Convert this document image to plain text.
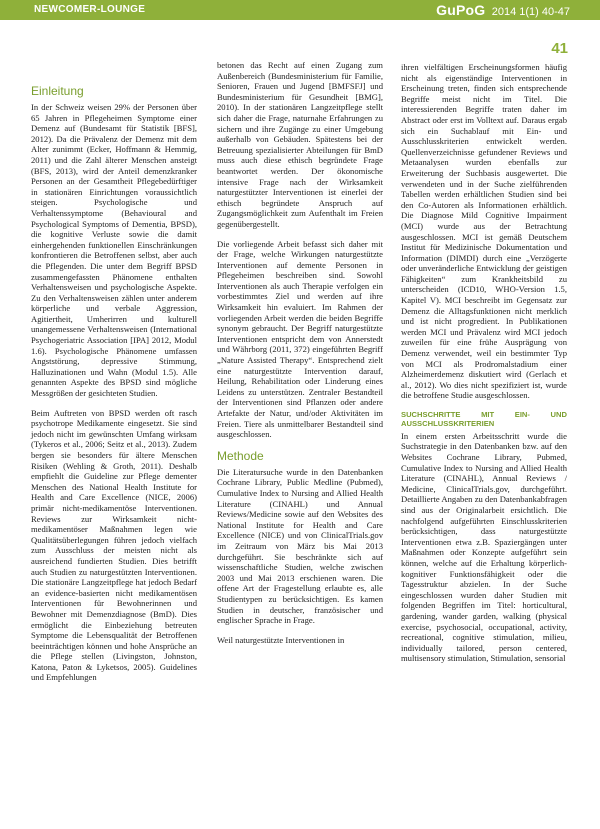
NEWCOMER-LOUNGE	GuPoG 2014 1(1) 40-47
41
Einleitung

In der Schweiz weisen 29% der Personen über 65 Jahren in Pflegeheimen Symptome einer Demenz auf (Bundesamt für Statistik [BFS], 2012). Da die Prävalenz der Demenz mit dem Alter zunimmt (Ecker, Hoffmann & Hemmig, 2011) und die Zahl älterer Menschen ansteigt (BFS, 2013), wird der Anteil demenzkranker Personen an der Gesamtheit Pflegebedürftiger in stationären Einrichtungen voraussichtlich steigen. Psychologische und Verhaltenssymptome (Behavioural and Psychological Symptoms of Dementia, BPSD), die kognitive Verluste sowie die damit einhergehenden funktionellen Einschränkungen konfrontieren die Betroffenen selbst, aber auch die Pflegenden. Die unter dem Begriff BPSD zusammengefassten Phänomene enthalten Verhaltensweisen und psychologische Aspekte. Zu den Verhaltensweisen zählen unter anderem körperliche und verbale Aggression, Agitiertheit, Umherirren und kulturell unangemessene Verhaltensweisen (International Psychogeriatric Association [IPA] 2012, Modul 1.6). Psychologische Phänomene umfassen Angststörung, depressive Stimmung, Halluzinationen und Wahn (Modul 1.5). Alle genannten Aspekte des BPSD sind mögliche Messgrößen der gesichteten Studien.

Beim Auftreten von BPSD werden oft rasch psychotrope Medikamente eingesetzt. Sie sind jedoch nicht im gewünschten Umfang wirksam (Tykeros et al., 2006; Seitz et al., 2013). Zudem bergen sie besonders für ältere Menschen Risiken (Wehling & Groth, 2011). Deshalb empfiehlt die Guideline zur Pflege dementer Menschen des National Health Institute for Health and Care Excellence (NICE, 2006) primär nicht-medikamentöse Interventionen. Reviews zur Wirksamkeit nicht-medikamentöser Maßnahmen legen wie Qualitätsüberlegungen führen jedoch vielfach zum Ausschluss der meisten nicht als ausreichend fundierten Studien. Dies betrifft auch Studien zu naturgestützten Interventionen. Die stationäre Langzeitpflege hat jedoch Bedarf an evidence-basierten nicht medikamentösen Interventionen für Bewohnerinnen und Bewohner mit Demenzdiagnose (BmD). Dies ermöglicht die Einbeziehung betreuten Symptome die Lebensqualität der Betroffenen beeinträchtigen können und hohe Ansprüche an die Pflege stellen (Livingston, Johnston, Katona, Paton & Lyketsos, 2005). Guidelines und Empfehlungen

betonen das Recht auf einen Zugang zum Außenbereich (Bundesministerium für Familie, Senioren, Frauen und Jugend [BMFSFJ] und Bundesministerium für Gesundheit [BMG], 2010). In der stationären Langzeitpflege stellt sich daher die Frage, naturnahe Erfahrungen zu sichern und ihre Zugänge zu einer Umgebung außerhalb von Gebäuden. Spätestens bei der Betreuung spezialisierter Abteilungen für BmD muss auch diese ethisch begründete Frage beantwortet werden. Der ökonomische intensive Frage nach der Wirksamkeit naturgestützter Interventionen ist einerlei der ethisch begründete Anspruch auf Zugangsmöglichkeit zum Aufenthalt im Freien gegenübergestellt.

Die vorliegende Arbeit befasst sich daher mit der Frage, welche Wirkungen naturgestützte Interventionen auf demente Personen in Pflegeheimen beschreiben sind. Sowohl Interventionen als auch Therapie verfolgen ein vorbestimmtes Ziel und werden auf ihre Wirksamkeit hin evaluiert. Im Rahmen der vorliegenden Arbeit werden die beiden Begriffe synonym gebraucht. Der Begriff naturgestützte Interventionen entspricht dem von Annerstedt und Währborg (2011, 372) eingeführten Begriff „Nature Assisted Therapy“. Entsprechend zielt eine naturgestützte Intervention darauf, Heilung, Rehabilitation oder Linderung eines Leidens zu unterstützen. Zentraler Bestandteil der Interventionen sind Pflanzen oder andere Artefakte der Natur, und/oder Aktivitäten im Freien. Tiere als unmittelbarer Bestandteil sind ausgeschlossen.

Methode

Die Literatursuche wurde in den Datenbanken Cochrane Library, Public Medline (Pubmed), Cumulative Index to Nursing and Allied Health Literature (CINAHL) und Annual Reviews/Medicine sowie auf den Websites des National Institute for Health and Care Excellence (NICE) und von ClinicalTrials.gov im Zeitraum von März bis Mai 2013 durchgeführt. Sie beschränkte sich auf wissenschaftliche Studien, welche zwischen 2003 und Mai 2013 erschienen waren. Die offene Art der Fragestellung erlaubte es, alle Studientypen zu berücksichtigen. Es kamen Studien in deutscher, französischer und englischer Sprache in Frage.

Weil naturgestützte Interventionen in

ihren vielfältigen Erscheinungsformen häufig nicht als eigenständige Interventionen in Erscheinung treten, finden sich entsprechende Begriffe meist nicht im Titel. Die interessierenden Begriffe traten daher im Abstract oder erst im Volltext auf. Daraus ergab sich ein Suchablauf mit Ein- und Ausschlusskriterien entwickelt werden. Quellenverzeichnisse gefundener Reviews und Metaanalysen wurden ebenfalls zur Erweiterung der Suchbasis ausgewertet. Die verwendeten und in der Suche zielführenden Tabellen werden erhältlichen Studien sind bei den Co-Autoren als Informationen erhältlich. Die Diagnose Mild Cognitive Impairment (MCI) wurde aus der Betrachtung ausgeschlossen. MCI ist gemäß Deutschem Institut für Medizinische Dokumentation und Information (DIMDI) durch eine „Verzögerte oder unveränderliche Entwicklung der geistigen Fähigkeiten“ zum Krankheitsbild zu unterscheiden (ICD10, WHO-Version 1.5, Kapitel V). MCI beschreibt im Gegensatz zur Demenz die Alltagsfunktionen nicht merklich und ist nicht progredient. In Publikationen werden MCI und Prävalenz wird MCI jedoch zuweilen für eine frühe Ausprägung von Demenz verwendet, weil ein bestimmter Typ von MCI als Prodromalstadium einer Alzheimerdemenz diskutiert wird (Gerlach et al., 2012). Wo dies nicht spezifiziert ist, wurde die betroffene Studie ausgeschlossen.

SUCHSCHRITTE MIT EIN- UND AUSSCHLUSSKRITERIEN

In einem ersten Arbeitsschritt wurde die Suchstrategie in den Datenbanken bzw. auf den Websites Cochrane Library, Pubmed, Cumulative Index to Nursing and Allied Health Literature (CINAHL), Annual Reviews / Medicine, ClinicalTrials.gov, durchgeführt. Detaillierte Angaben zu den Datenbankabfragen sind aus der Originalarbeit ersichtlich. Die nachfolgend aufgeführten Einschlusskriterien berücksichtigen, dass naturgestützte Interventionen etwa z.B. Spaziergängen unter Maßnahmen oder Konzepte aufgeführt sein können, welche auf die Erhaltung körperlich-kognitiver Funktionsfähigkeit oder die Tagesstruktur abzielen. In der Suche eingeschlossen wurden daher Studien mit folgenden Begriffen im Titel: horticultural, gardening, wander garden, walking (physical exercise, psychosocial, occupational, activity, recreational, cognitive stimulation, milieu, individually tailored, person centered, multisensory stimulation, Stimulation, sensorial
